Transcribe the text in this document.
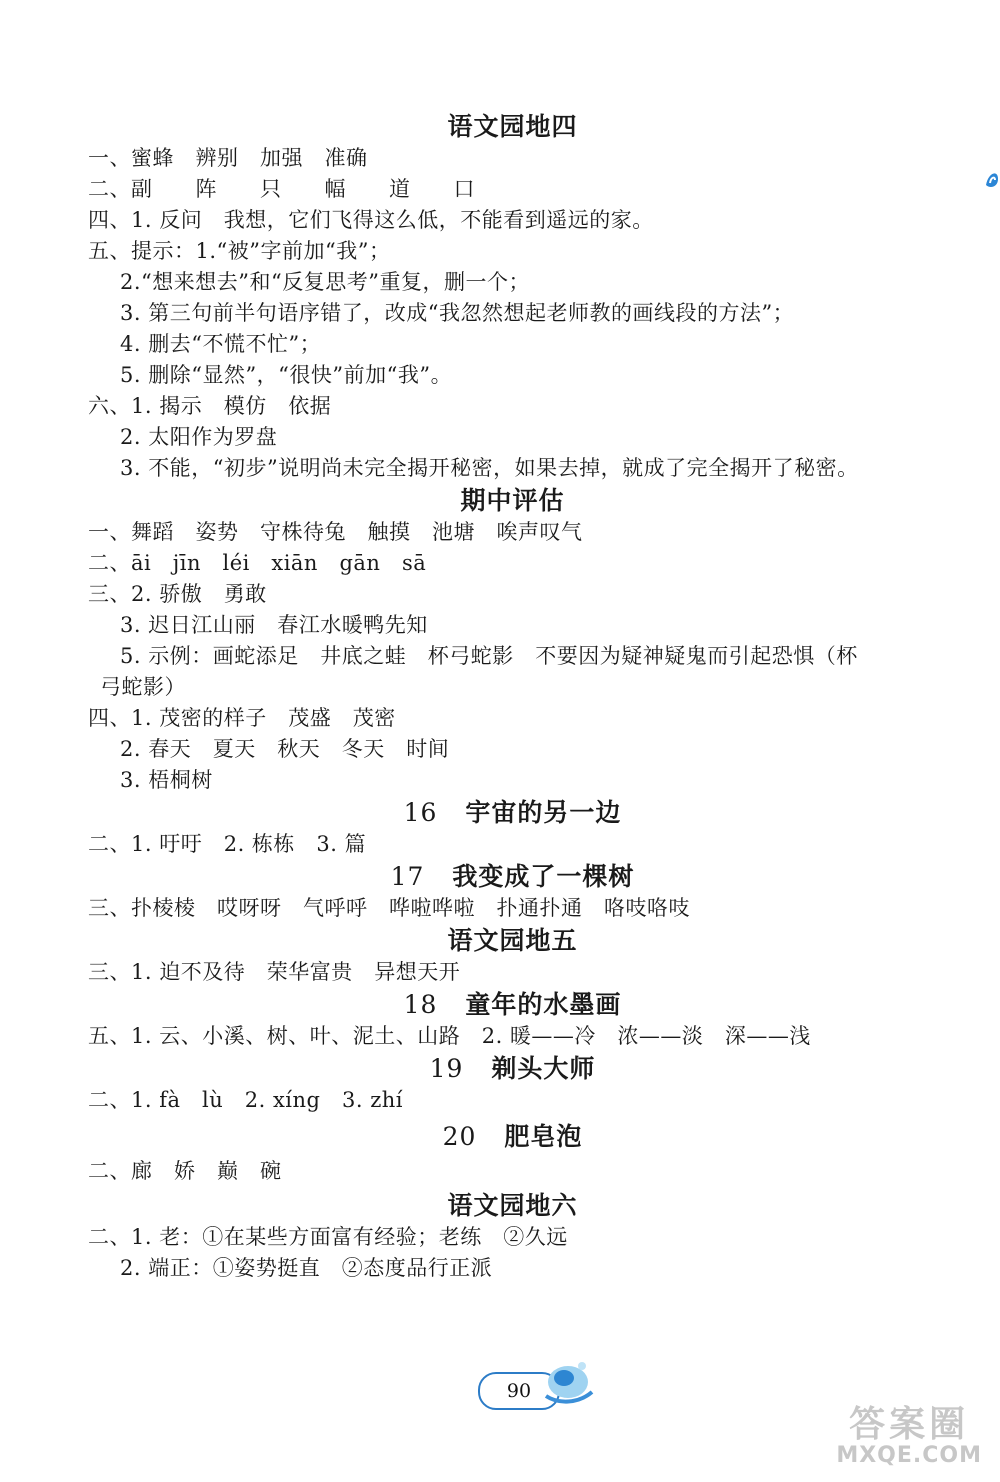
语文园地四
一、蜜蜂　辨别　加强　准确
二、副　　阵　　只　　幅　　道　　口
四、1. 反问　我想，它们飞得这么低，不能看到遥远的家。
五、提示：1.“被”字前加“我”；
2.“想来想去”和“反复思考”重复，删一个；
3. 第三句前半句语序错了，改成“我忽然想起老师教的画线段的方法”；
4. 删去“不慌不忙”；
5. 删除“显然”，“很快”前加“我”。
六、1. 揭示　模仿　依据
2. 太阳作为罗盘
3. 不能，“初步”说明尚未完全揭开秘密，如果去掉，就成了完全揭开了秘密。
期中评估
一、舞蹈　姿势　守株待兔　触摸　池塘　唉声叹气
二、āi　jīn　léi　xiān　gān　sā
三、2. 骄傲　勇敢
3. 迟日江山丽　春江水暖鸭先知
5. 示例：画蛇添足　井底之蛙　杯弓蛇影　不要因为疑神疑鬼而引起恐惧（杯
弓蛇影）
四、1. 茂密的样子　茂盛　茂密
2. 春天　夏天　秋天　冬天　时间
3. 梧桐树
16 宇宙的另一边
二、1. 吁吁　2. 栋栋　3. 篇
17 我变成了一棵树
三、扑棱棱　哎呀呀　气呼呼　哗啦哗啦　扑通扑通　咯吱咯吱
语文园地五
三、1. 迫不及待　荣华富贵　异想天开
18 童年的水墨画
五、1. 云、小溪、树、叶、泥土、山路　2. 暖——冷　浓——淡　深——浅
19 剃头大师
二、1. fà　lù　2. xíng　3. zhí
20 肥皂泡
二、廊　娇　巅　碗
语文园地六
二、1. 老：①在某些方面富有经验；老练　②久远
2. 端正：①姿势挺直　②态度品行正派
90
答案圈
MXQE.COM
